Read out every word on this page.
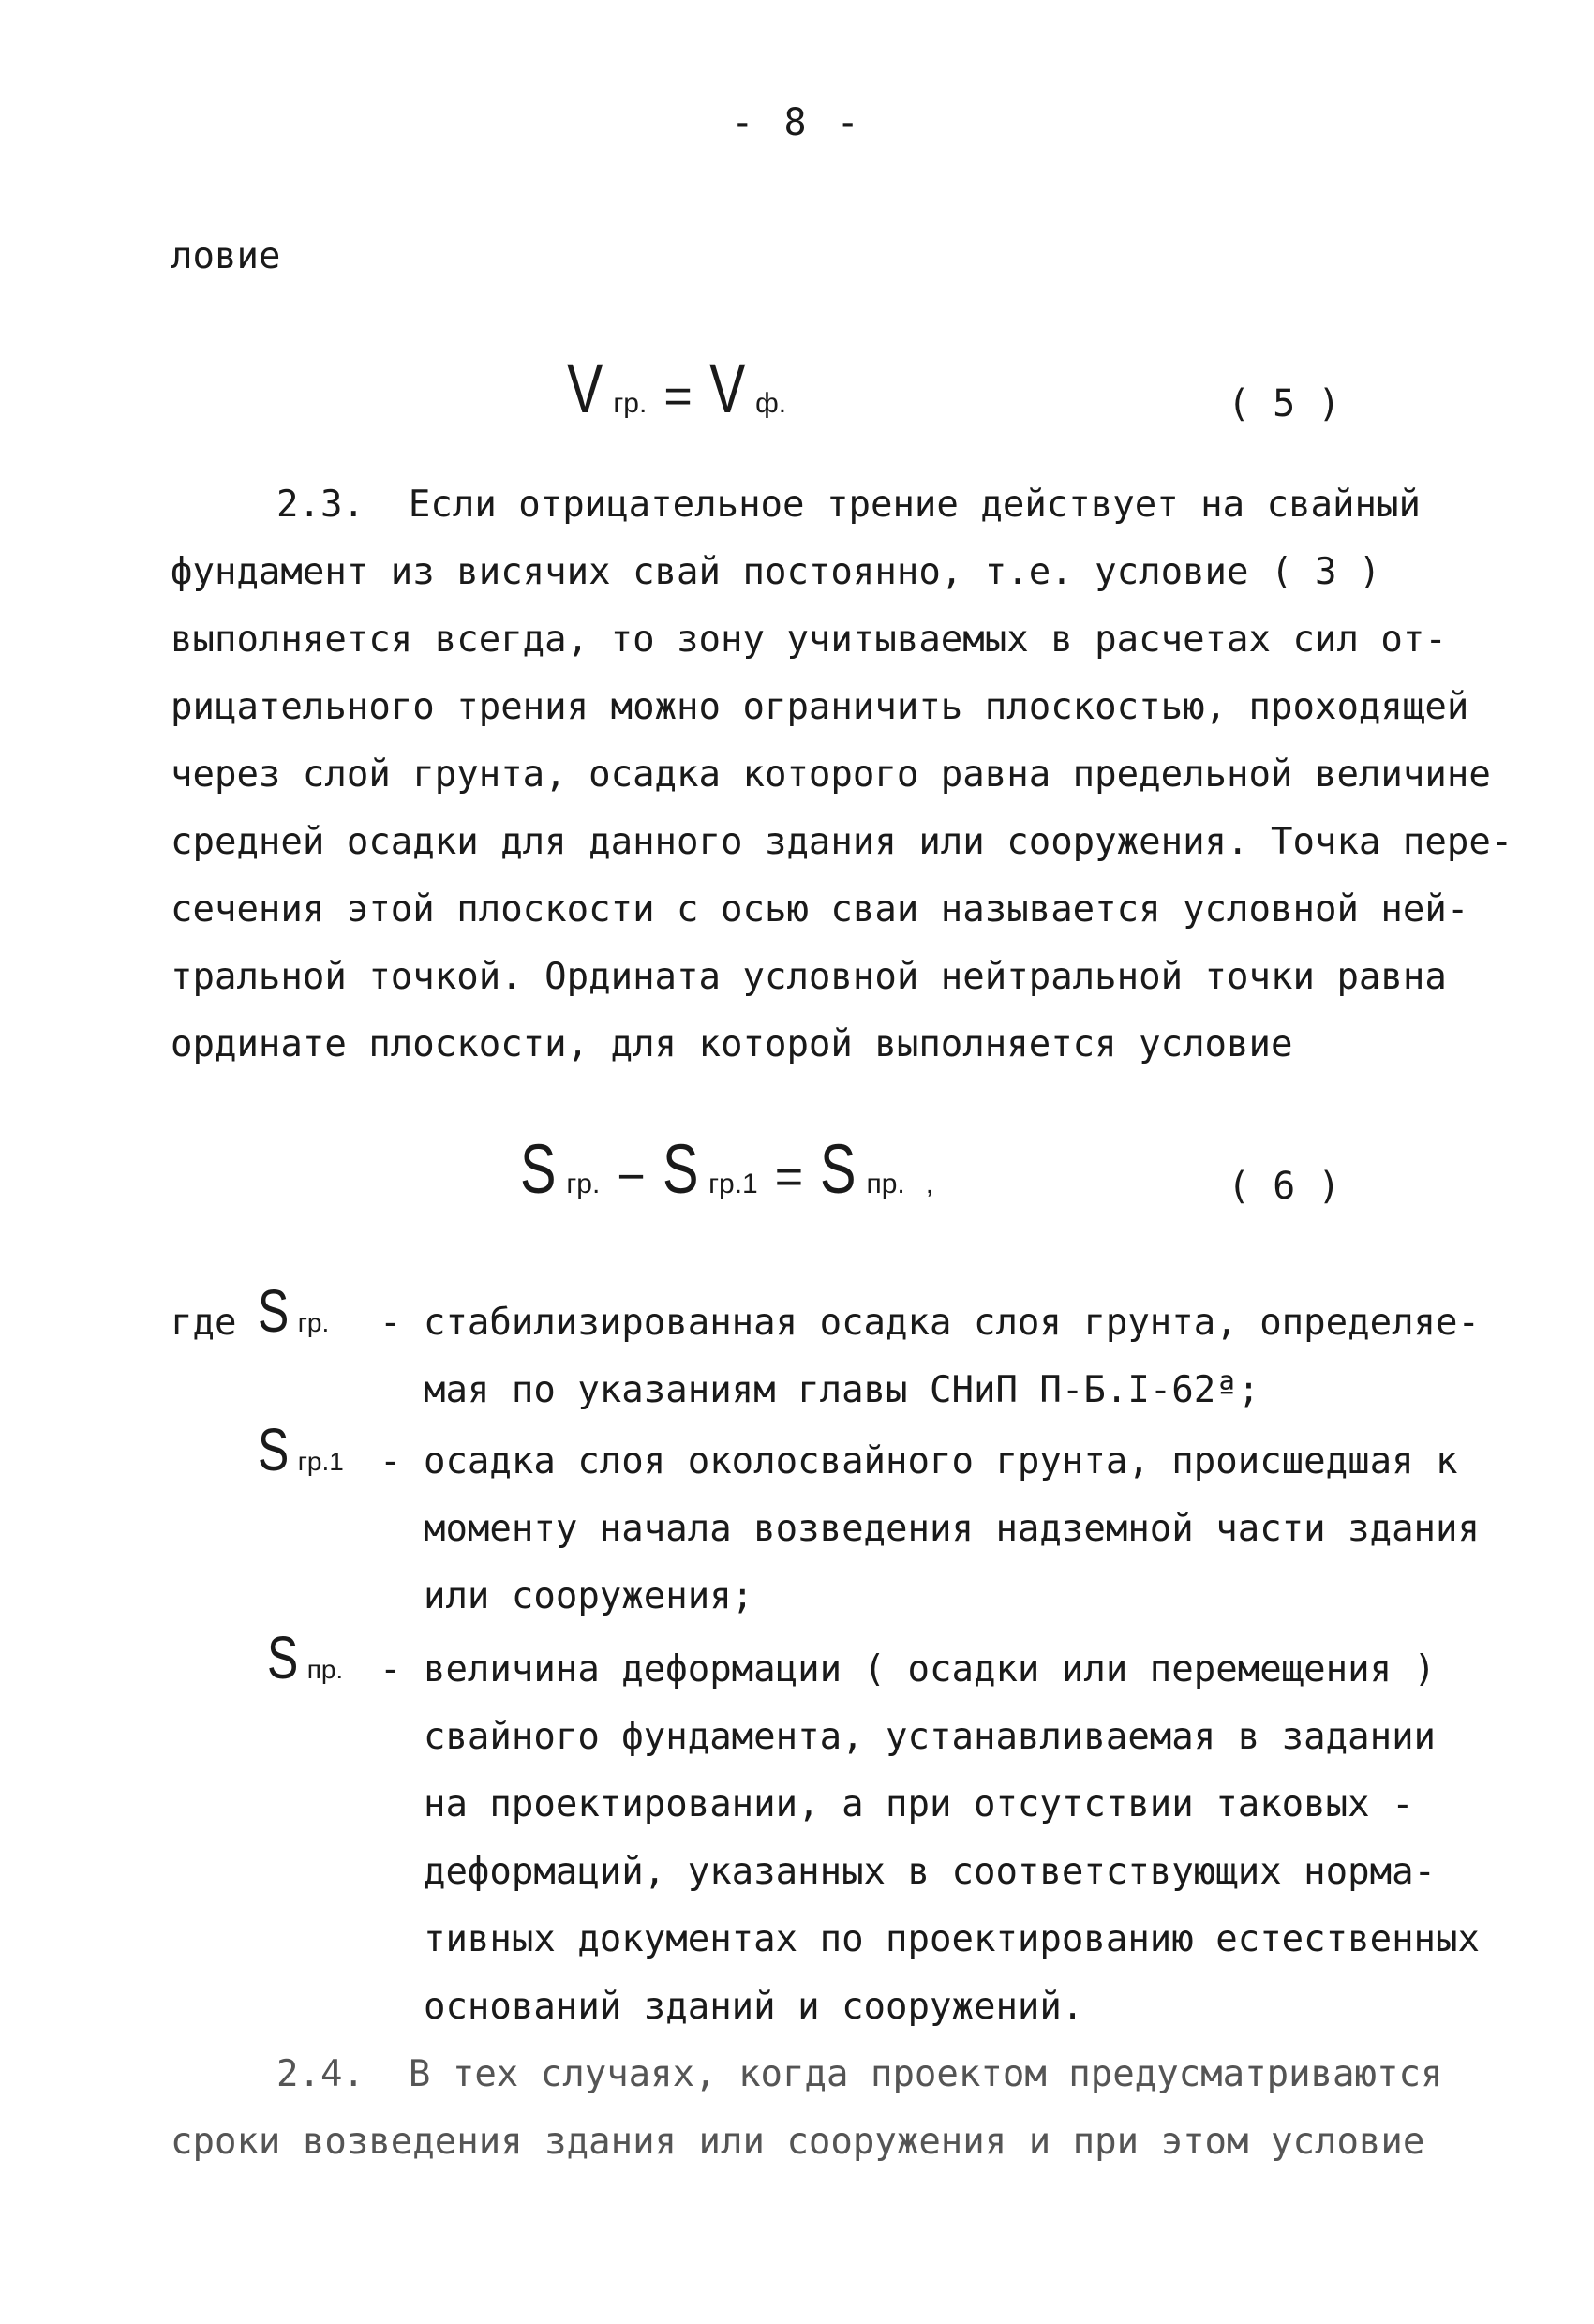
- 8 -
ловие
Vгр. = V ф.	( 5 )
2.3.  Если отрицательное трение действует на свайный
фундамент из висячих свай постоянно, т.е. условие ( 3 )
выполняется всегда, то зону учитываемых в расчетах сил от-
рицательного трения можно ограничить плоскостью, проходящей
через слой грунта, осадка которого равна предельной величине
средней осадки для данного здания или сооружения. Точка пере-
сечения этой плоскости с осью сваи называется условной ней-
тральной точкой. Ордината условной нейтральной точки равна
ординате плоскости, для которой выполняется условие
Sгр. − S гр.1 = S пр. ,	( 6 )
где Sгр. - стабилизированная осадка слоя грунта, определяе-
мая по указаниям главы СНиП П-Б.I-62ª;
Sгр.1 - осадка слоя околосвайного грунта, происшедшая к
моменту начала возведения надземной части здания
или сооружения;
Sпр. - величина деформации ( осадки или перемещения )
свайного фундамента, устанавливаемая в задании
на проектировании, а при отсутствии таковых -
деформаций, указанных в соответствующих норма-
тивных документах по проектированию естественных
оснований зданий и сооружений.
2.4.  В тех случаях, когда проектом предусматриваются
сроки возведения здания или сооружения и при этом условие
